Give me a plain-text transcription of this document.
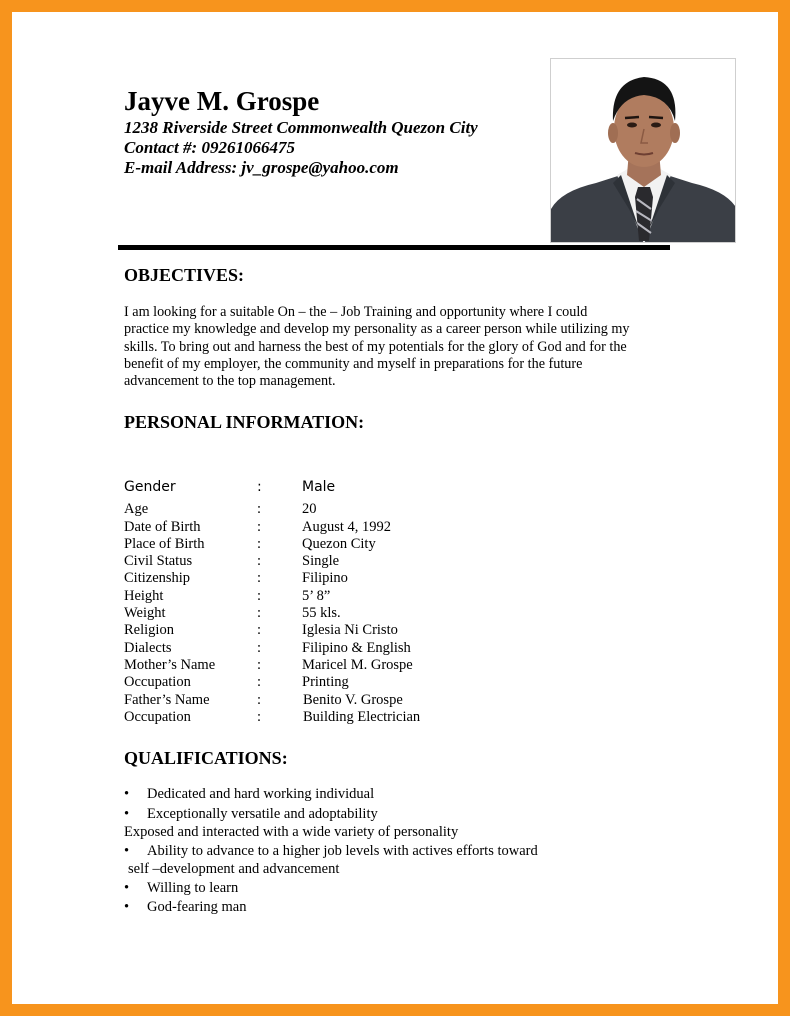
Jayve M. Grospe
1238 Riverside Street Commonwealth Quezon City
Contact #: 09261066475
E-mail Address: jv_grospe@yahoo.com
OBJECTIVES:
I am looking for a suitable On – the – Job Training and opportunity where I could
practice my knowledge and develop my personality as a career person while utilizing my
skills. To bring out and harness the best of my potentials for the glory of God and for the
benefit of my employer, the community and myself in preparations for the future
advancement to the top management.
PERSONAL INFORMATION:
Gender	:	Male
Age	:	20
Date of Birth	:	August 4, 1992
Place of Birth	:	Quezon City
Civil Status	:	Single
Citizenship	:	Filipino
Height	:	5’ 8”
Weight	:	55 kls.
Religion	:	Iglesia Ni Cristo
Dialects	:	Filipino & English
Mother’s Name	:	Maricel M. Grospe
Occupation	:	Printing
Father’s Name	:	Benito V. Grospe
Occupation	:	Building Electrician
QUALIFICATIONS:
• Dedicated and hard working individual
• Exceptionally versatile and adoptability
Exposed and interacted with a wide variety of personality
• Ability to advance to a higher job levels with actives efforts toward
self –development and advancement
• Willing to learn
• God-fearing man
